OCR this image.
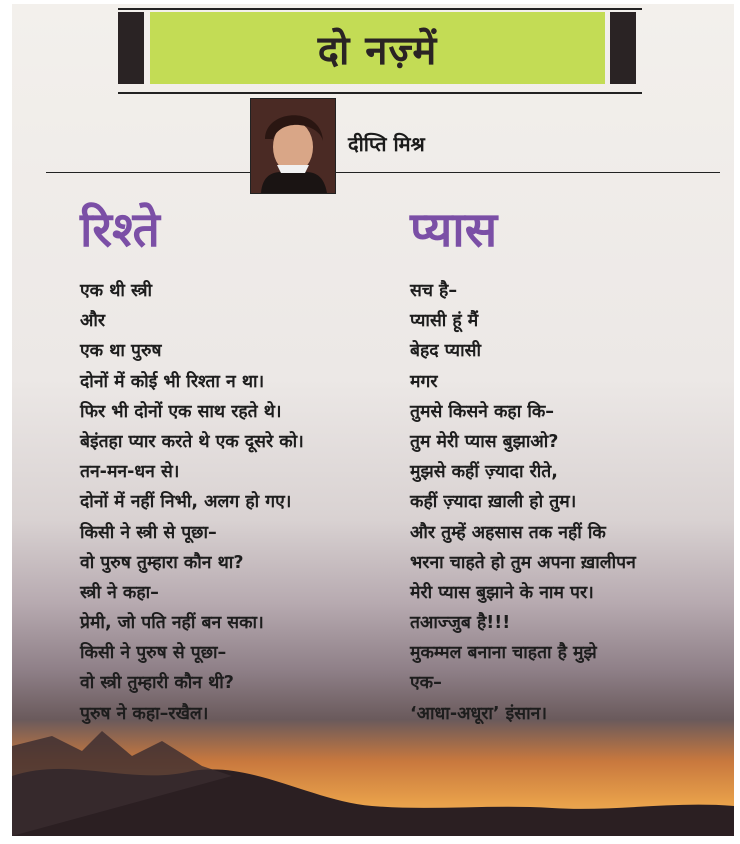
दो नज़्में
दीप्ति मिश्र
रिश्ते
एक थी स्त्री
और
एक था पुरुष
दोनों में कोई भी रिश्ता न था।
फिर भी दोनों एक साथ रहते थे।
बेइंतहा प्यार करते थे एक दूसरे को।
तन-मन-धन से।
दोनों में नहीं निभी, अलग हो गए।
किसी ने स्त्री से पूछा–
वो पुरुष तुम्हारा कौन था?
स्त्री ने कहा–
प्रेमी, जो पति नहीं बन सका।
किसी ने पुरुष से पूछा–
वो स्त्री तुम्हारी कौन थी?
पुरुष ने कहा–रखैल।
प्यास
सच है–
प्यासी हूं मैं
बेहद प्यासी
मगर
तुमसे किसने कहा कि–
तुम मेरी प्यास बुझाओ?
मुझसे कहीं ज़्यादा रीते,
कहीं ज़्यादा ख़ाली हो तुम।
और तुम्हें अहसास तक नहीं कि
भरना चाहते हो तुम अपना ख़ालीपन
मेरी प्यास बुझाने के नाम पर।
तआज्जुब है!!!
मुकम्मल बनाना चाहता है मुझे
एक–
‘आधा-अधूरा’ इंसान।
